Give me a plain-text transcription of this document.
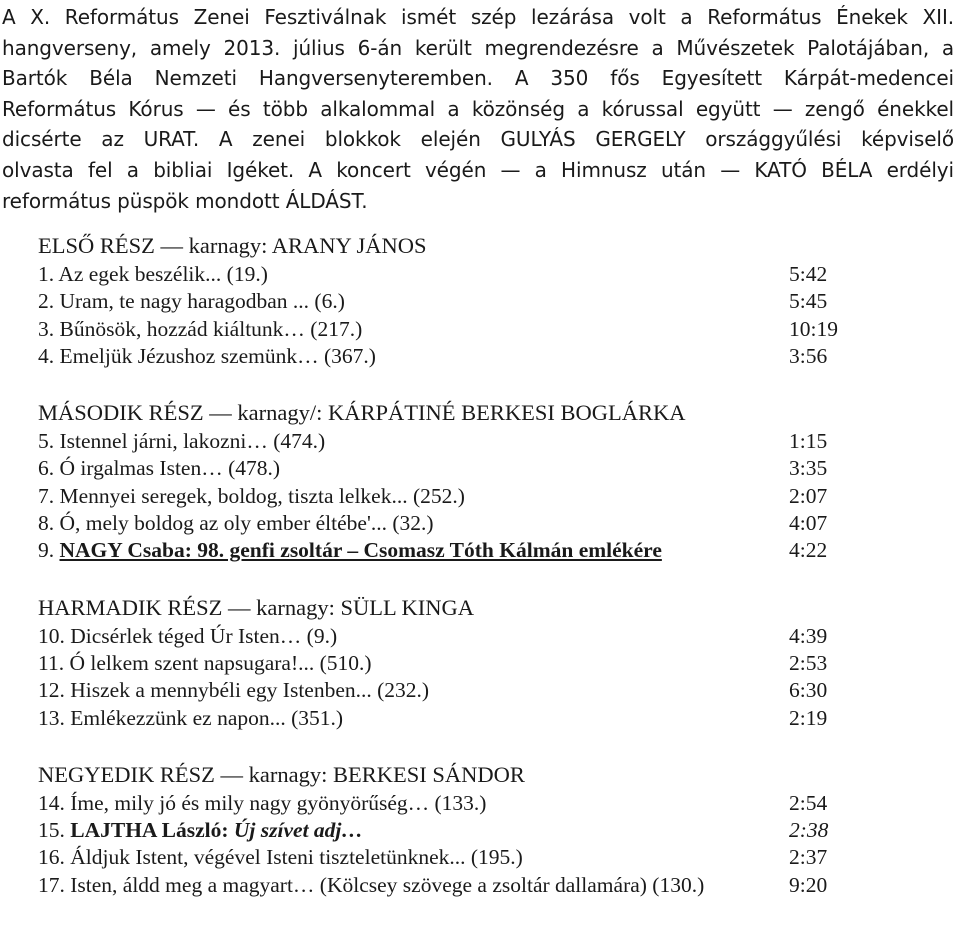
A X. Református Zenei Fesztiválnak ismét szép lezárása volt a Református Énekek XII.
hangverseny, amely 2013. július 6-án került megrendezésre a Művészetek Palotájában, a
Bartók Béla Nemzeti Hangversenyteremben. A 350 fős Egyesített Kárpát-medencei
Református Kórus — és több alkalommal a közönség a kórussal együtt — zengő énekkel
dicsérte az URAT. A zenei blokkok elején GULYÁS GERGELY országgyűlési képviselő
olvasta fel a bibliai Igéket. A koncert végén — a Himnusz után — KATÓ BÉLA erdélyi
református püspök mondott ÁLDÁST.
ELSŐ RÉSZ — karnagy: ARANY JÁNOS
1. Az egek beszélik... (19.)	5:42
2. Uram, te nagy haragodban ... (6.)	5:45
3. Bűnösök, hozzád kiáltunk… (217.)	10:19
4. Emeljük Jézushoz szemünk… (367.)	3:56
MÁSODIK RÉSZ — karnagy/: KÁRPÁTINÉ BERKESI BOGLÁRKA
5. Istennel járni, lakozni… (474.)	1:15
6. Ó irgalmas Isten… (478.)	3:35
7. Mennyei seregek, boldog, tiszta lelkek... (252.)	2:07
8. Ó, mely boldog az oly ember éltébe'... (32.)	4:07
9. NAGY Csaba: 98. genfi zsoltár – Csomasz Tóth Kálmán emlékére	4:22
HARMADIK RÉSZ — karnagy: SÜLL KINGA
10. Dicsérlek téged Úr Isten… (9.)	4:39
11. Ó lelkem szent napsugara!... (510.)	2:53
12. Hiszek a mennybéli egy Istenben... (232.)	6:30
13. Emlékezzünk ez napon... (351.)	2:19
NEGYEDIK RÉSZ — karnagy: BERKESI SÁNDOR
14. Íme, mily jó és mily nagy gyönyörűség… (133.)	2:54
15. LAJTHA László: Új szívet adj…	2:38
16. Áldjuk Istent, végével Isteni tiszteletünknek... (195.)	2:37
17. Isten, áldd meg a magyart… (Kölcsey szövege a zsoltár dallamára) (130.)	9:20
